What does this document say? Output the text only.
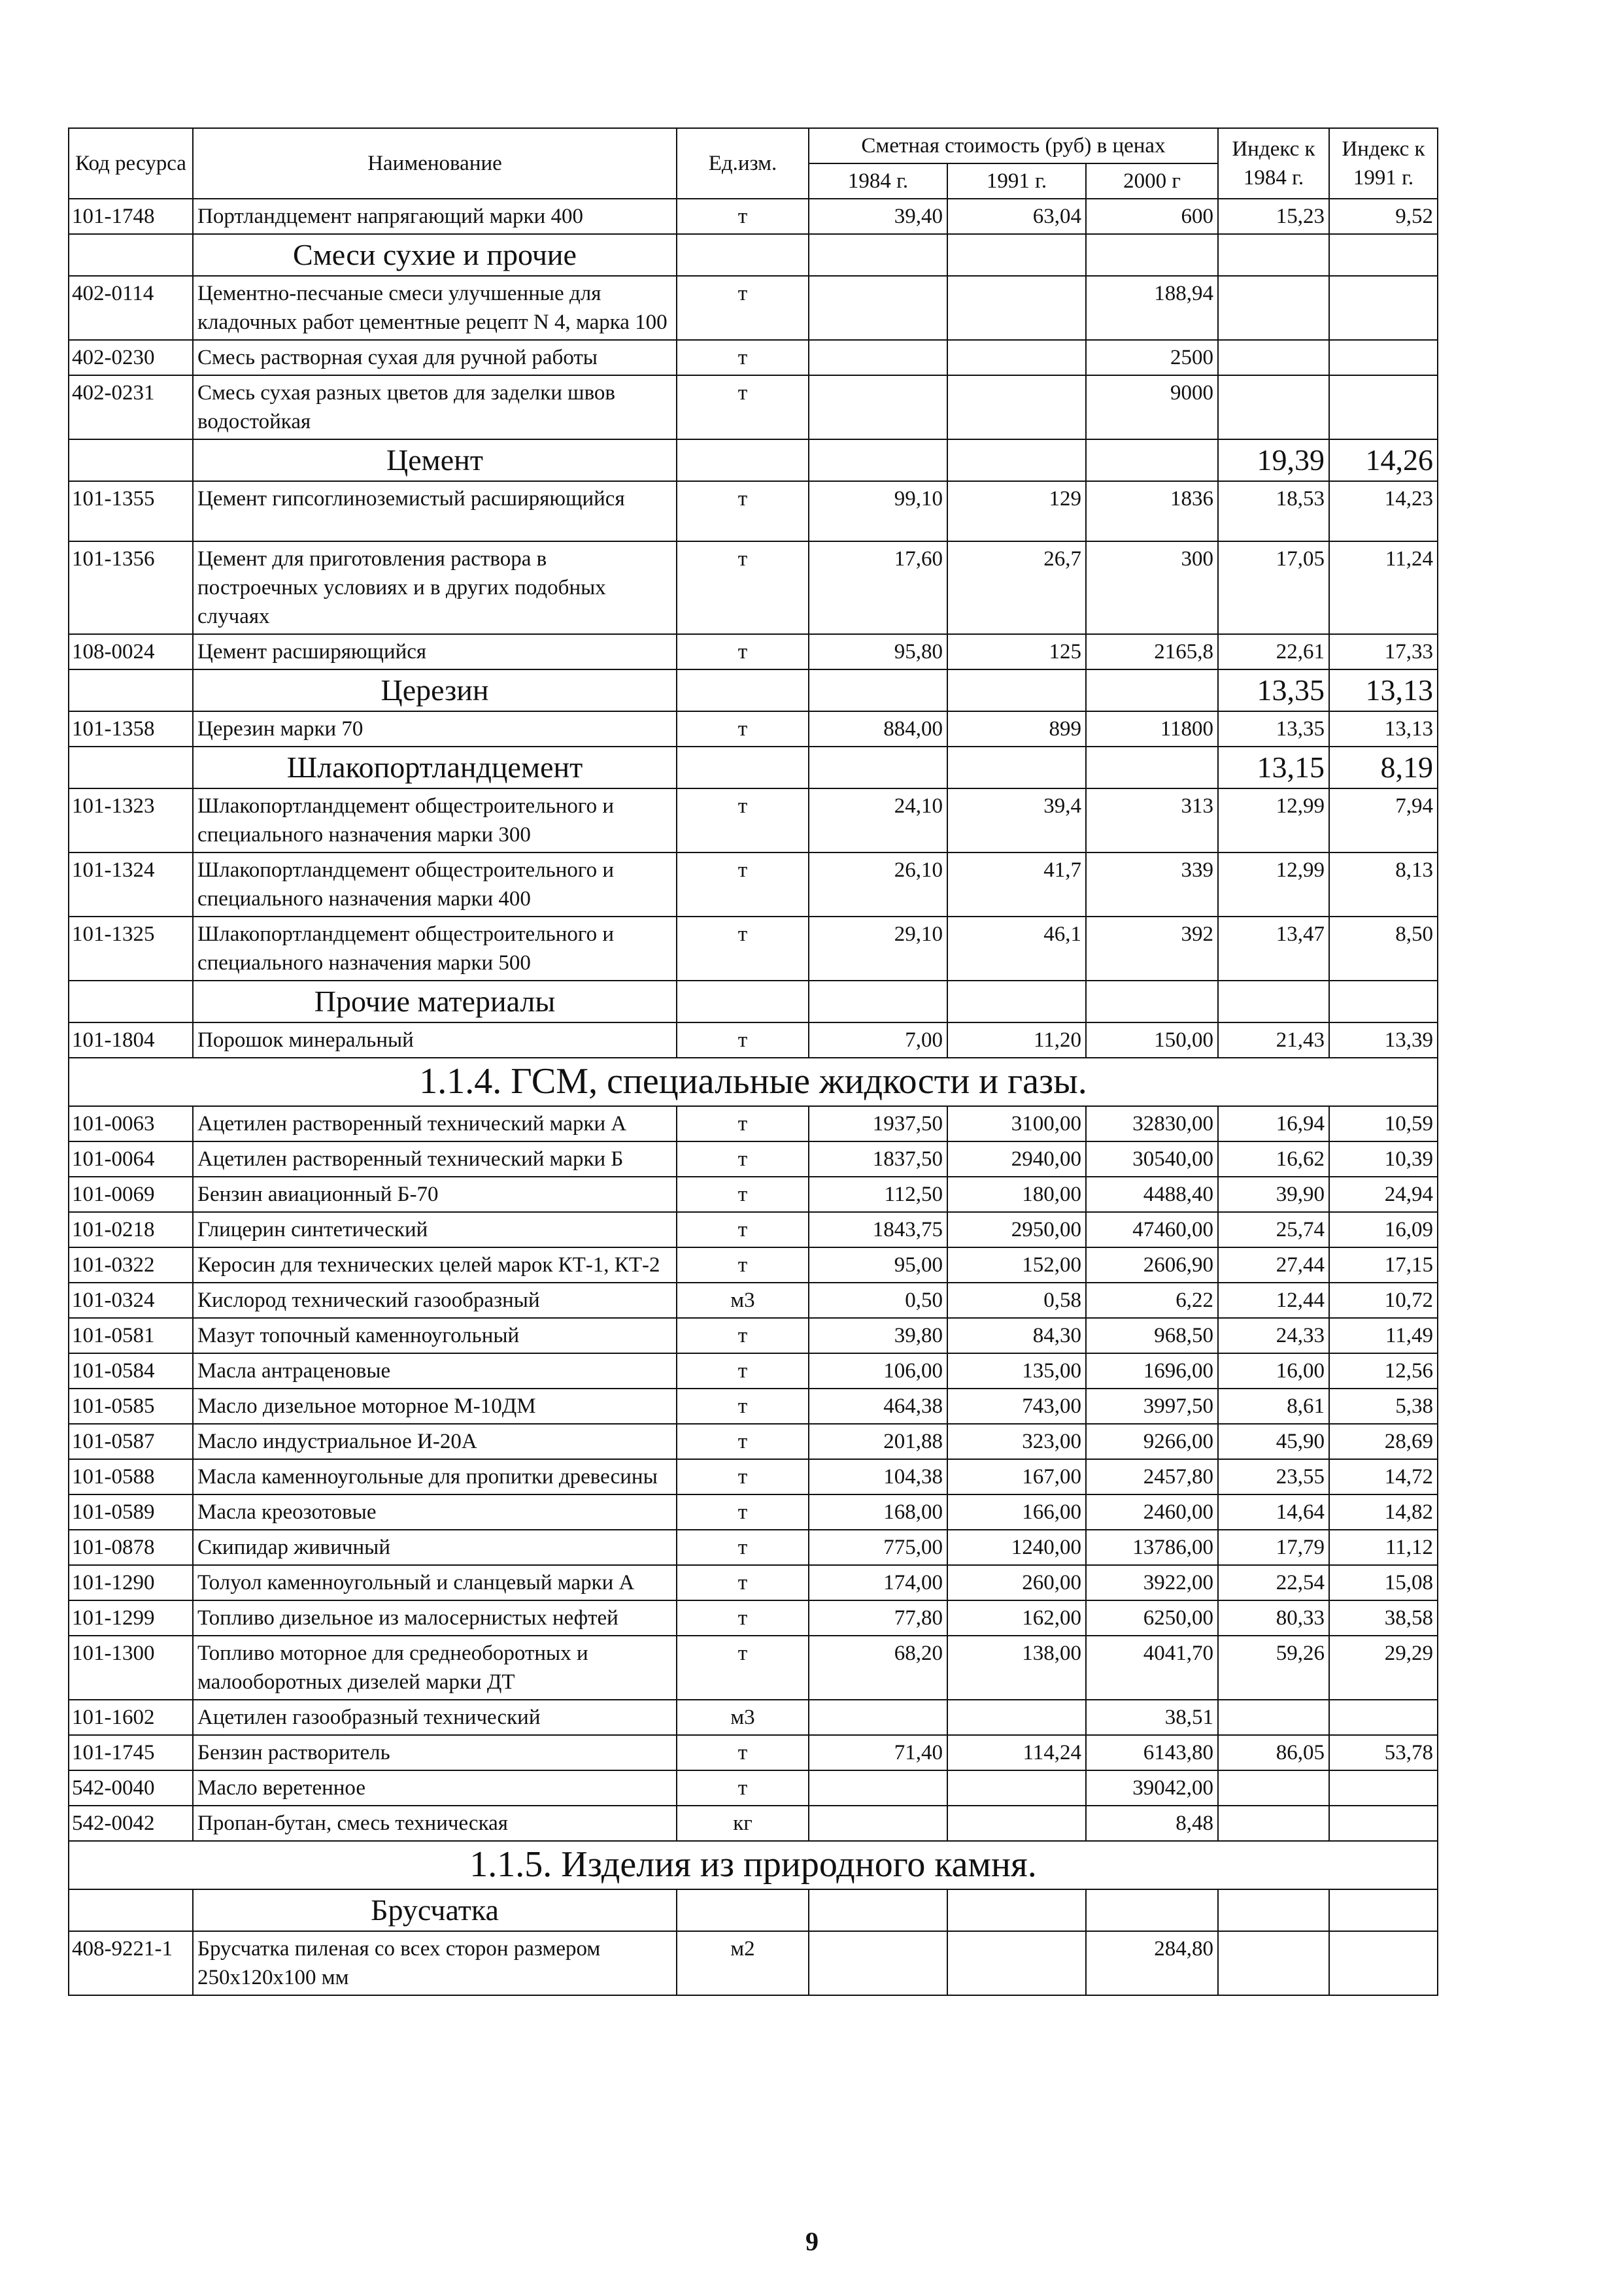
Код ресурса	Наименование	Ед.изм.	Сметная стоимость (руб) в ценах			Индекс к 1984 г.	Индекс к 1991 г.
			1984 г.	1991 г.	2000 г		
101-1748	Портландцемент напрягающий марки 400	т	39,40	63,04	600	15,23	9,52
	Смеси сухие и прочие						
402-0114	Цементно-песчаные смеси улучшенные для кладочных работ цементные рецепт N 4, марка 100	т			188,94		
402-0230	Смесь растворная сухая для ручной работы	т			2500		
402-0231	Смесь сухая разных цветов для заделки швов водостойкая	т			9000		
	Цемент					19,39	14,26
101-1355	Цемент гипсоглиноземистый расширяющийся	т	99,10	129	1836	18,53	14,23
101-1356	Цемент для приготовления раствора в построечных условиях и в других подобных случаях	т	17,60	26,7	300	17,05	11,24
108-0024	Цемент расширяющийся	т	95,80	125	2165,8	22,61	17,33
	Церезин					13,35	13,13
101-1358	Церезин марки 70	т	884,00	899	11800	13,35	13,13
	Шлакопортландцемент					13,15	8,19
101-1323	Шлакопортландцемент общестроительного и специального назначения марки 300	т	24,10	39,4	313	12,99	7,94
101-1324	Шлакопортландцемент общестроительного и специального назначения марки 400	т	26,10	41,7	339	12,99	8,13
101-1325	Шлакопортландцемент общестроительного и специального назначения марки 500	т	29,10	46,1	392	13,47	8,50
	Прочие материалы						
101-1804	Порошок минеральный	т	7,00	11,20	150,00	21,43	13,39
1.1.4. ГСМ, специальные жидкости и газы.							
101-0063	Ацетилен растворенный технический марки А	т	1937,50	3100,00	32830,00	16,94	10,59
101-0064	Ацетилен растворенный технический марки Б	т	1837,50	2940,00	30540,00	16,62	10,39
101-0069	Бензин авиационный Б-70	т	112,50	180,00	4488,40	39,90	24,94
101-0218	Глицерин синтетический	т	1843,75	2950,00	47460,00	25,74	16,09
101-0322	Керосин для технических целей марок КТ-1, КТ-2	т	95,00	152,00	2606,90	27,44	17,15
101-0324	Кислород технический газообразный	м3	0,50	0,58	6,22	12,44	10,72
101-0581	Мазут топочный каменноугольный	т	39,80	84,30	968,50	24,33	11,49
101-0584	Масла антраценовые	т	106,00	135,00	1696,00	16,00	12,56
101-0585	Масло дизельное моторное М-10ДМ	т	464,38	743,00	3997,50	8,61	5,38
101-0587	Масло индустриальное И-20А	т	201,88	323,00	9266,00	45,90	28,69
101-0588	Масла каменноугольные для пропитки древесины	т	104,38	167,00	2457,80	23,55	14,72
101-0589	Масла креозотовые	т	168,00	166,00	2460,00	14,64	14,82
101-0878	Скипидар живичный	т	775,00	1240,00	13786,00	17,79	11,12
101-1290	Толуол каменноугольный и сланцевый марки А	т	174,00	260,00	3922,00	22,54	15,08
101-1299	Топливо дизельное из малосернистых нефтей	т	77,80	162,00	6250,00	80,33	38,58
101-1300	Топливо моторное для среднеоборотных и малооборотных дизелей марки ДТ	т	68,20	138,00	4041,70	59,26	29,29
101-1602	Ацетилен газообразный технический	м3			38,51		
101-1745	Бензин растворитель	т	71,40	114,24	6143,80	86,05	53,78
542-0040	Масло веретенное	т			39042,00		
542-0042	Пропан-бутан, смесь техническая	кг			8,48		
1.1.5. Изделия из природного камня.							
	Брусчатка						
408-9221-1	Брусчатка пиленая со всех сторон размером 250х120х100 мм	м2			284,80		
9
